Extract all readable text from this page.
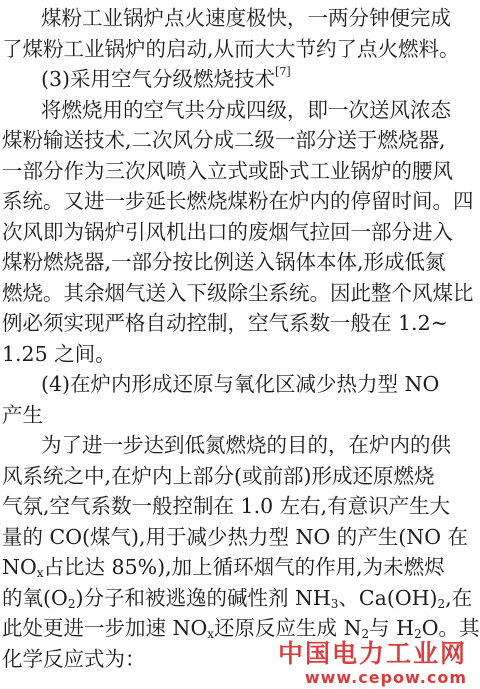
煤粉工业锅炉点火速度极快，一两分钟便完成
了煤粉工业锅炉的启动,从而大大节约了点火燃料。
(3)采用空气分级燃烧技术[7]
将燃烧用的空气共分成四级，即一次送风浓态
煤粉输送技术,二次风分成二级一部分送于燃烧器,
一部分作为三次风喷入立式或卧式工业锅炉的腰风
系统。又进一步延长燃烧煤粉在炉内的停留时间。四
次风即为锅炉引风机出口的废烟气拉回一部分进入
煤粉燃烧器,一部分按比例送入锅体本体,形成低氮
燃烧。其余烟气送入下级除尘系统。因此整个风煤比
例必须实现严格自动控制，空气系数一般在 1.2~
1.25 之间。
(4)在炉内形成还原与氧化区减少热力型 NO
产生
为了进一步达到低氮燃烧的目的，在炉内的供
风系统之中,在炉内上部分(或前部)形成还原燃烧
气氛,空气系数一般控制在 1.0 左右,有意识产生大
量的 CO(煤气),用于减少热力型 NO 的产生(NO 在
$NO_x$占比达 85%),加上循环烟气的作用,为未燃烬
的氧$(O_2)$分子和被逃逸的碱性剂 $NH_3$、$Ca(OH)_2$,在
此处更进一步加速 $NO_x$还原反应生成 $N_2$与 $H_2O$。其
化学反应式为：	中国电力工业网
www.cepow.com
